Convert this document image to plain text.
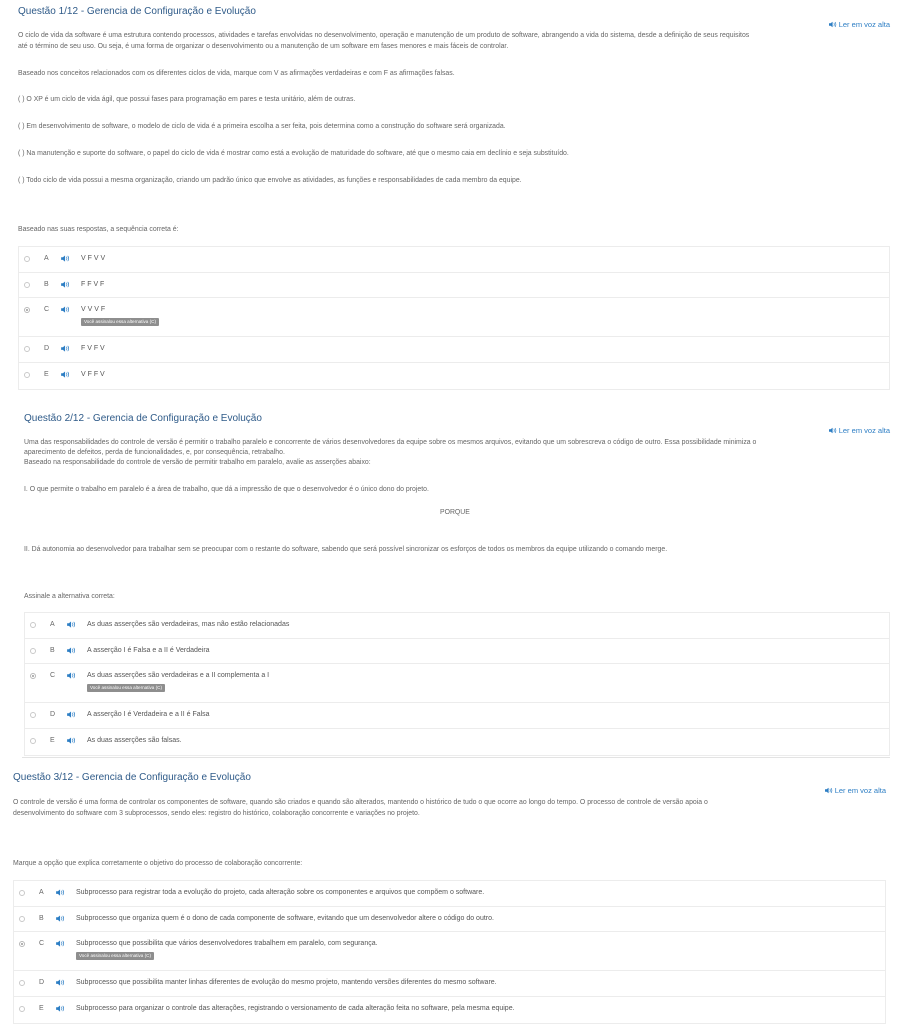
Questão 1/12 - Gerencia de Configuração e Evolução
Ler em voz alta
O ciclo de vida da software é uma estrutura contendo processos, atividades e tarefas envolvidas no desenvolvimento, operação e manutenção de um produto de software, abrangendo a vida do sistema, desde a definição de seus requisitos
até o término de seu uso. Ou seja, é uma forma de organizar o desenvolvimento ou a manutenção de um software em fases menores e mais fáceis de controlar.
Baseado nos conceitos relacionados com os diferentes ciclos de vida, marque com V as afirmações verdadeiras e com F as afirmações falsas.
( ) O XP é um ciclo de vida ágil, que possui fases para programação em pares e testa unitário, além de outras.
( ) Em desenvolvimento de software, o modelo de ciclo de vida é a primeira escolha a ser feita, pois determina como a construção do software será organizada.
( ) Na manutenção e suporte do software, o papel do ciclo de vida é mostrar como está a evolução de maturidade do software, até que o mesmo caia em declínio e seja substituído.
( ) Todo ciclo de vida possui a mesma organização, criando um padrão único que envolve as atividades, as funções e responsabilidades de cada membro da equipe.
Baseado nas suas respostas, a sequência correta é:
A	V F V V
B	F F V F
C	V V V F
Você assinalou essa alternativa (C)
D	F V F V
E	V F F V
Questão 2/12 - Gerencia de Configuração e Evolução
Ler em voz alta
Uma das responsabilidades do controle de versão é permitir o trabalho paralelo e concorrente de vários desenvolvedores da equipe sobre os mesmos arquivos, evitando que um sobrescreva o código de outro. Essa possibilidade minimiza o
aparecimento de defeitos, perda de funcionalidades, e, por consequência, retrabalho.
Baseado na responsabilidade do controle de versão de permitir trabalho em paralelo, avalie as asserções abaixo:
I. O que permite o trabalho em paralelo é a área de trabalho, que dá a impressão de que o desenvolvedor é o único dono do projeto.
PORQUE
II. Dá autonomia ao desenvolvedor para trabalhar sem se preocupar com o restante do software, sabendo que será possível sincronizar os esforços de todos os membros da equipe utilizando o comando merge.
Assinale a alternativa correta:
A	As duas asserções são verdadeiras, mas não estão relacionadas
B	A asserção I é Falsa e a II é Verdadeira
C	As duas asserções são verdadeiras e a II complementa a I
Você assinalou essa alternativa (C)
D	A asserção I é Verdadeira e a II é Falsa
E	As duas asserções são falsas.
Questão 3/12 - Gerencia de Configuração e Evolução
Ler em voz alta
O controle de versão é uma forma de controlar os componentes de software, quando são criados e quando são alterados, mantendo o histórico de tudo o que ocorre ao longo do tempo. O processo de controle de versão apoia o
desenvolvimento do software com 3 subprocessos, sendo eles: registro do histórico, colaboração concorrente e variações no projeto.
Marque a opção que explica corretamente o objetivo do processo de colaboração concorrente:
A	Subprocesso para registrar toda a evolução do projeto, cada alteração sobre os componentes e arquivos que compõem o software.
B	Subprocesso que organiza quem é o dono de cada componente de software, evitando que um desenvolvedor altere o código do outro.
C	Subprocesso que possibilita que vários desenvolvedores trabalhem em paralelo, com segurança.
Você assinalou essa alternativa (C)
D	Subprocesso que possibilita manter linhas diferentes de evolução do mesmo projeto, mantendo versões diferentes do mesmo software.
E	Subprocesso para organizar o controle das alterações, registrando o versionamento de cada alteração feita no software, pela mesma equipe.
